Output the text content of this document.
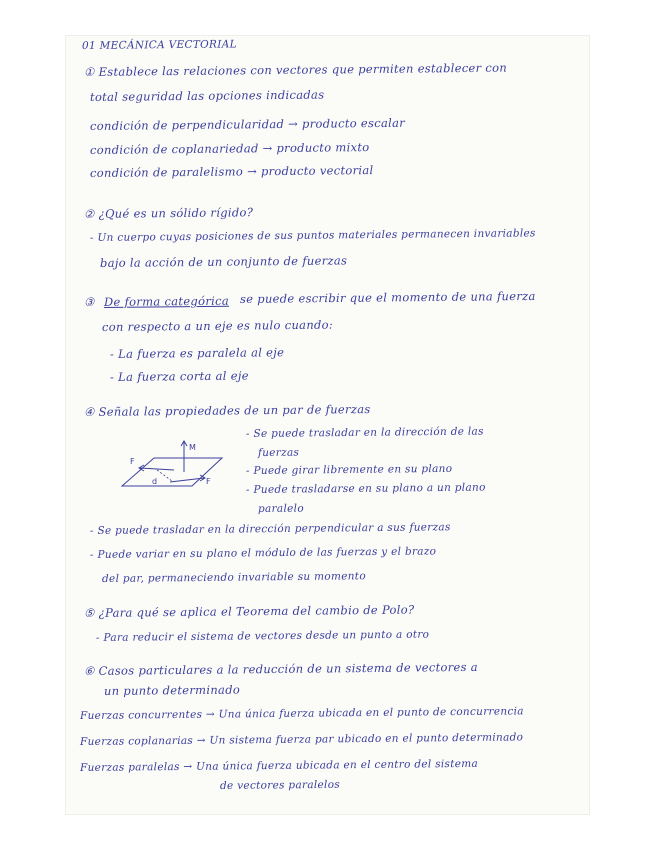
01 MECÁNICA VECTORIAL
① Establece las relaciones con vectores que permiten establecer con
total seguridad las opciones indicadas
condición de perpendicularidad → producto escalar
condición de coplanariedad → producto mixto
condición de paralelismo → producto vectorial
② ¿Qué es un sólido rígido?
- Un cuerpo cuyas posiciones de sus puntos materiales permanecen invariables
bajo la acción de un conjunto de fuerzas
③ De forma categórica se puede escribir que el momento de una fuerza
con respecto a un eje es nulo cuando:
- La fuerza es paralela al eje
- La fuerza corta al eje
④ Señala las propiedades de un par de fuerzas
M
F
d	F
- Se puede trasladar en la dirección de las
fuerzas
- Puede girar libremente en su plano
- Puede trasladarse en su plano a un plano
paralelo
- Se puede trasladar en la dirección perpendicular a sus fuerzas
- Puede variar en su plano el módulo de las fuerzas y el brazo
del par, permaneciendo invariable su momento
⑤ ¿Para qué se aplica el Teorema del cambio de Polo?
- Para reducir el sistema de vectores desde un punto a otro
⑥ Casos particulares a la reducción de un sistema de vectores a
un punto determinado
Fuerzas concurrentes → Una única fuerza ubicada en el punto de concurrencia
Fuerzas coplanarias → Un sistema fuerza par ubicado en el punto determinado
Fuerzas paralelas → Una única fuerza ubicada en el centro del sistema
de vectores paralelos
